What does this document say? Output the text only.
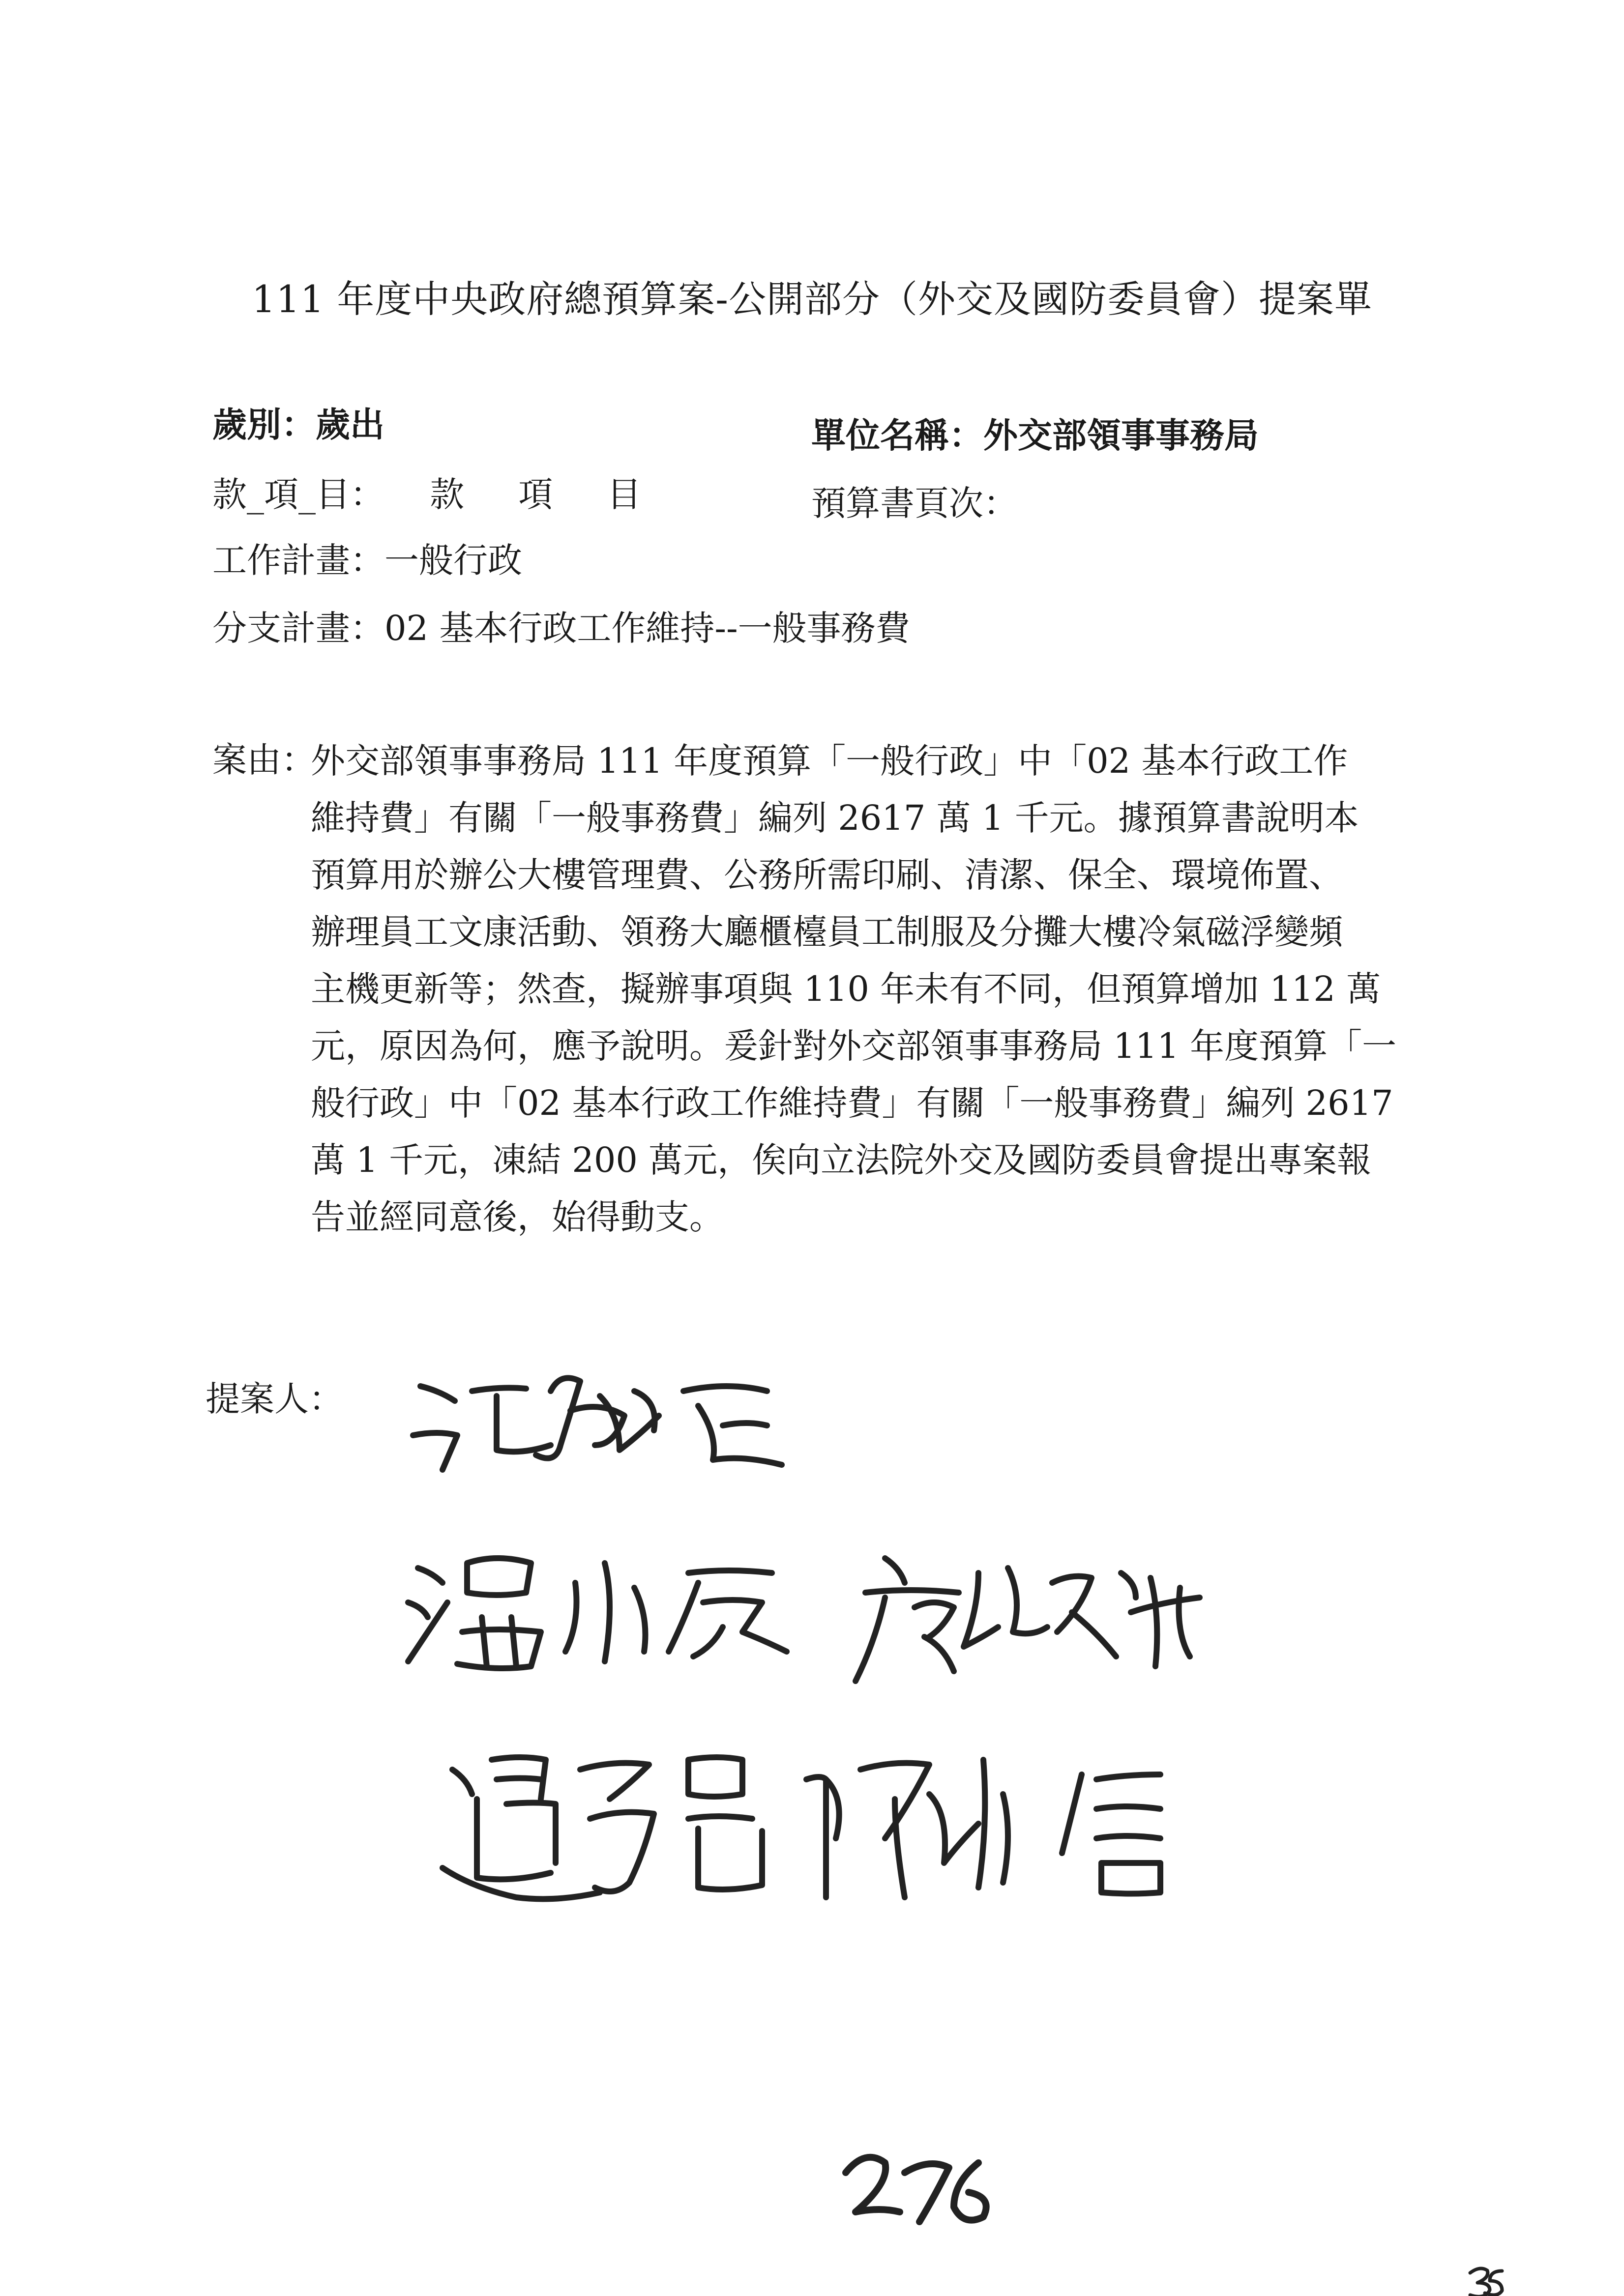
111 年度中央政府總預算案-公開部分（外交及國防委員會）提案單
歲別：歲出	單位名稱：外交部領事事務局
款_項_目： 款 項 目	預算書頁次：
工作計畫：一般行政
分支計畫：02 基本行政工作維持--一般事務費
案由：
外交部領事事務局 111 年度預算「一般行政」中「02 基本行政工作
維持費」有關「一般事務費」編列 2617 萬 1 千元。據預算書說明本
預算用於辦公大樓管理費、公務所需印刷、清潔、保全、環境佈置、
辦理員工文康活動、領務大廳櫃檯員工制服及分攤大樓冷氣磁浮變頻
主機更新等；然查，擬辦事項與 110 年未有不同，但預算增加 112 萬
元，原因為何，應予說明。爰針對外交部領事事務局 111 年度預算「一
般行政」中「02 基本行政工作維持費」有關「一般事務費」編列 2617
萬 1 千元，凍結 200 萬元，俟向立法院外交及國防委員會提出專案報
告並經同意後，始得動支。
提案人：
